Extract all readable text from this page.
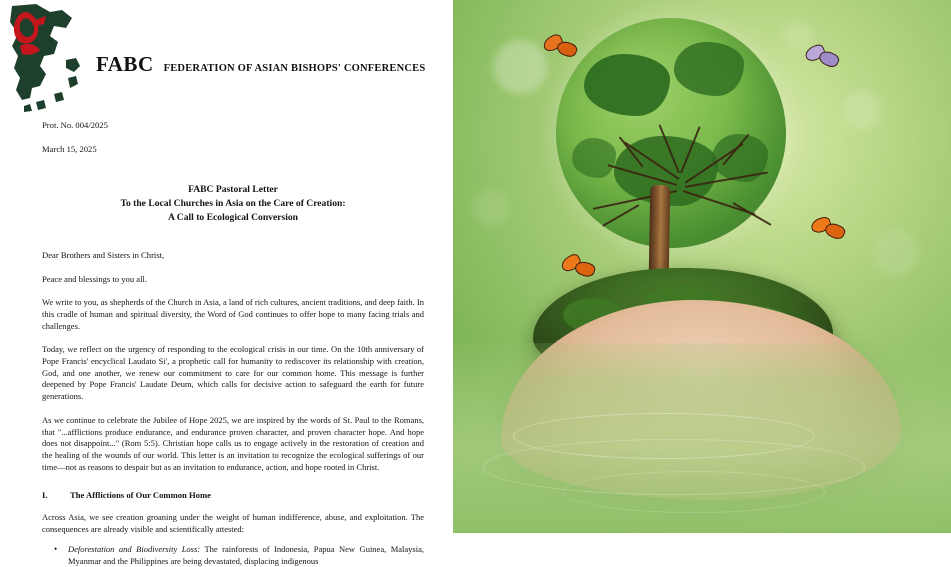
FABC FEDERATION OF ASIAN BISHOPS' CONFERENCES
Prot. No. 004/2025
March 15, 2025
FABC Pastoral Letter
To the Local Churches in Asia on the Care of Creation:
A Call to Ecological Conversion
Dear Brothers and Sisters in Christ,
Peace and blessings to you all.

We write to you, as shepherds of the Church in Asia, a land of rich cultures, ancient traditions, and deep faith. In this cradle of human and spiritual diversity, the Word of God continues to offer hope to many facing trials and challenges.

Today, we reflect on the urgency of responding to the ecological crisis in our time. On the 10th anniversary of Pope Francis' encyclical Laudato Si', a prophetic call for humanity to rediscover its relationship with creation, God, and one another, we renew our commitment to care for our common home. This message is further deepened by Pope Francis' Laudate Deum, which calls for decisive action to safeguard the earth for future generations.

As we continue to celebrate the Jubilee of Hope 2025, we are inspired by the words of St. Paul to the Romans, that "...afflictions produce endurance, and endurance proven character, and proven character hope. And hope does not disappoint..." (Rom 5:5). Christian hope calls us to engage actively in the restoration of creation and the healing of the wounds of our world. This letter is an invitation to recognize the ecological sufferings of our time—not as reasons to despair but as an invitation to endurance, action, and hope rooted in Christ.

I.	The Afflictions of Our Common Home

Across Asia, we see creation groaning under the weight of human indifference, abuse, and exploitation. The consequences are already visible and scientifically attested:

• Deforestation and Biodiversity Loss: The rainforests of Indonesia, Papua New Guinea, Malaysia, Myanmar and the Philippines are being devastated, displacing indigenous
